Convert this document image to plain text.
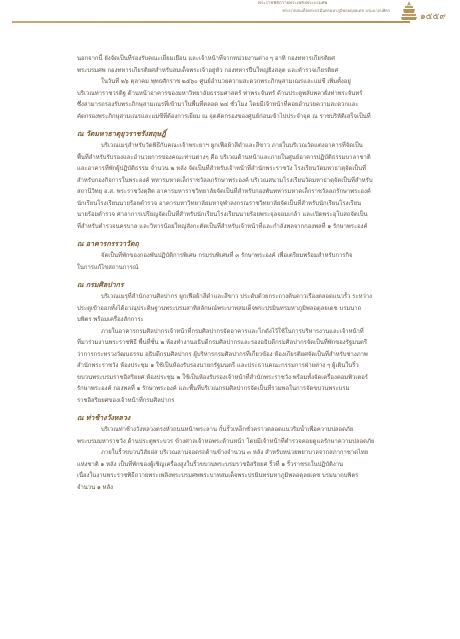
พระราชพิธีถวายพระเพลิงพระบรมศพ
พระบาทสมเด็จพระปรมินทรมหาภูมิพลอดุลยเดช บรมนาถบพิตร
๑๕๕๙

นอกจากนี้ ยังจัดเป็นที่รองรับคณะเยี่ยมเยือน และเจ้าหน้าที่จากหน่วยงานต่าง ๆ อาทิ กองทหารเกียรติยศ
พระบรมศพ กองทหารเกียรติยศสำหรับสมเด็จพระเจ้าอยู่หัว กองทหารปืนใหญ่ยิงสลุต และตำรวจเกียรติยศ

ในวันที่ ๒๖ ตุลาคม พุทธศักราช ๒๕๖๐ ศูนย์อำนวยความสะดวกพระภิกษุสามเณรและแม่ชี เพิ่มตั้งอยู่
บริเวณท่าราชวรดิฐ ด้านหน้าอาคารของมหาวิทยาลัยธรรมศาสตร์ ท่าพระจันทร์ ด้านประตูพลับพลาฝั่งท่าพระจันทร์
ซึ่งสามารถรองรับพระภิกษุสามเณรที่เข้ามาในพื้นที่ตลอด ๒๔ ชั่วโมง โดยมีเจ้าหน้าที่คอยอำนวยความสะดวกและ
คัดกรองพระภิกษุสามเณรและแม่ชีที่ต้องการเยี่ยม ณ จุดคัดกรองของศูนย์ก่อนเข้าไปประจำจุด ณ ราชบริหัติเสร็จเป็นที่

ณ วัดมหาธาตุยุวราชรังสฤษฎิ์

บริเวณเมรุสำหรับวัดพิธีกับคณะเจ้าพระยาฯ ผูกเฟือผ้าสีดำและสีขาว ภายในบริเวณวัดแต่งอาคารที่จัดเป็น
พื้นที่สำหรับรับรองและอำนวยการของคณะท่านต่างๆ คือ บริเวณด้านหน้าและภายในศูนย์อาคารปฏิบัติธรรมบาลาชาติ
และอาคารที่พักผู้ปฏิบัติธรรม จำนวน ๒ หลัง จัดเป็นที่สำหรับเจ้าหน้าที่สำนักพระราชวัง โรงเรียนวัดมหาธาตุจัดเป็นที่
สำหรับกองกิจการในพระองค์ ทหารมหาดเล็กราชวัลลภรักษาพระองค์ บริเวณสนามโรงเรียนวัดมหาธาตุจัดเป็นที่สำหรับ
สถานีวิทยุ อ.ส. พระราชวังดุสิต อาคารมหาราชวิทยาลัยจัดเป็นที่สำหรับกองพันทหารมหาดเล็กราชวัลลภรักษาพระองค์
นักเรียนโรงเรียนนายร้อยตำรวจ อาคารมหาวิทยาลัยมหาจุฬาลงกรณราชวิทยาลัยจัดเป็นที่สำหรับนักเรียนโรงเรียน
นายร้อยตำรวจ ศาลาการเปรียญจัดเป็นที่สำหรับนักเรียนโรงเรียนนายร้อยพระจุลจอมเกล้า และเปิดพระอุโบสถจัดเป็น
ที่สำหรับตำรวจนครบาล และวิหารน้อยใหญ่สังกะตัดเป็นที่สำหรับเจ้าหน้าที่และกำลังพลจากกองพลที่ ๑ รักษาพระองค์

ณ อาคารกรรวาวัดฤ

จัดเป็นที่พักของกองพันปฏิบัติการพิเศษ กรมรบพิเศษที่ ๓ รักษาพระองค์ เพื่อเตรียมพร้อมสำหรับการกิจ
ในการแก้ไขสถานการณ์

ณ กรมศิลปากร

บริเวณเมรุที่สำนักงานศิลปากร ผูกเฟือผ้าสีดำและสีขาว ประดับด้วยกระถางต้นดาวเรืองตลอดแนวรั้ว ระหว่าง
ประตูเข้าออกทั้งได้อาณุประดิษฐานพระบรมสาทิสลักษณ์พระบาทสมเด็จพระปรมินทรมหาภูมิพลอดุลยเดช บรมนาถ
บพิตร พร้อมเครื่องสักการะ
ภายในอาคารกรมศิลปากรเจ้าหน้าที่กรมศิลปากรจัดอาคารและโกดังไว้ใช้ในการบริหารงานและเจ้าหน้าที่
ที่มาร่วมงานพระราชพิธี พื้นที่ชั้น ๒ ห้องทำงานอธิบดีกรมศิลปากรและรองอธิบดีกรมศิลปากรจัดเป็นที่พักของรัฐมนตรี
ว่าการกระทรวงวัฒนธรรม อธิบดีกรมศิลปากร ผู้บริหารกรมศิลปากรที่เกี่ยวข้อง ห้องเกียรติยศจัดเป็นที่สำหรับช่างภาพ
สำนักพระราชวัง ห้องประชุม ๑ ใช้เป็นห้องรับรองนายกรัฐมนตรี และประธานคณะกรรมการฝ่ายต่าง ๆ ผู้เดินในริ้ว
ขบวนพระบรมราชอิสริยยศ ห้องประชุม ๒ ใช้เป็นห้องรับรองเจ้าหน้าที่สำนักพระราชวัง พร้อมทั้งจัดเครื่องคอมพิวเตอร์
รักษาพระองค์ กองพลที่ ๑ รักษาพระองค์ และพื้นที่บริเวณกรมศิลปากรจัดเป็นที่รวมพลในการจัดขบวนพระบรม
ราชอิสริยยศของเจ้าหน้าที่กรมศิลปากร

ณ ท่าช้างวังหลวง

บริเวณท่าช้างวังหลวงตรงหัวถนนหน้าพระลาน กั้นรั้วเหล็กชั่วคราวตลอดแนวริมน้ำเพื่อความปลอดภัย
พระบรมมหาราชวัง ด้านประตูพระบวร ข้างศาลเจ้าหอพระด้านหน้า โดยมีเจ้าหน้าที่ตำรวจคอยดูแลรักษาความปลอดภัย
ภายในริ้วขบวนวิสัยอ่ส บริเวณลานจอดรถด้านข้างจำนวน ๓ หลัง สำหรับหน่วยพยาบาลจากสภากาชาดไทย
แห่งชาติ ๑ หลัง เป็นที่พักของผู้เชิญเครื่องสูงในริ้วขบวนพระบรมราชอิสริยยศ ริ้วที่ ๑ ริ้วราชรถในปฏิบัติงาน
เนื่องในงานพระราชพิธีถวายพระเพลิงพระบรมศพพระบาทสมเด็จพระปรมินทรมหาภูมิพลอดุลยเดช บรมนาถบพิตร
จำนวน ๑ หลัง
